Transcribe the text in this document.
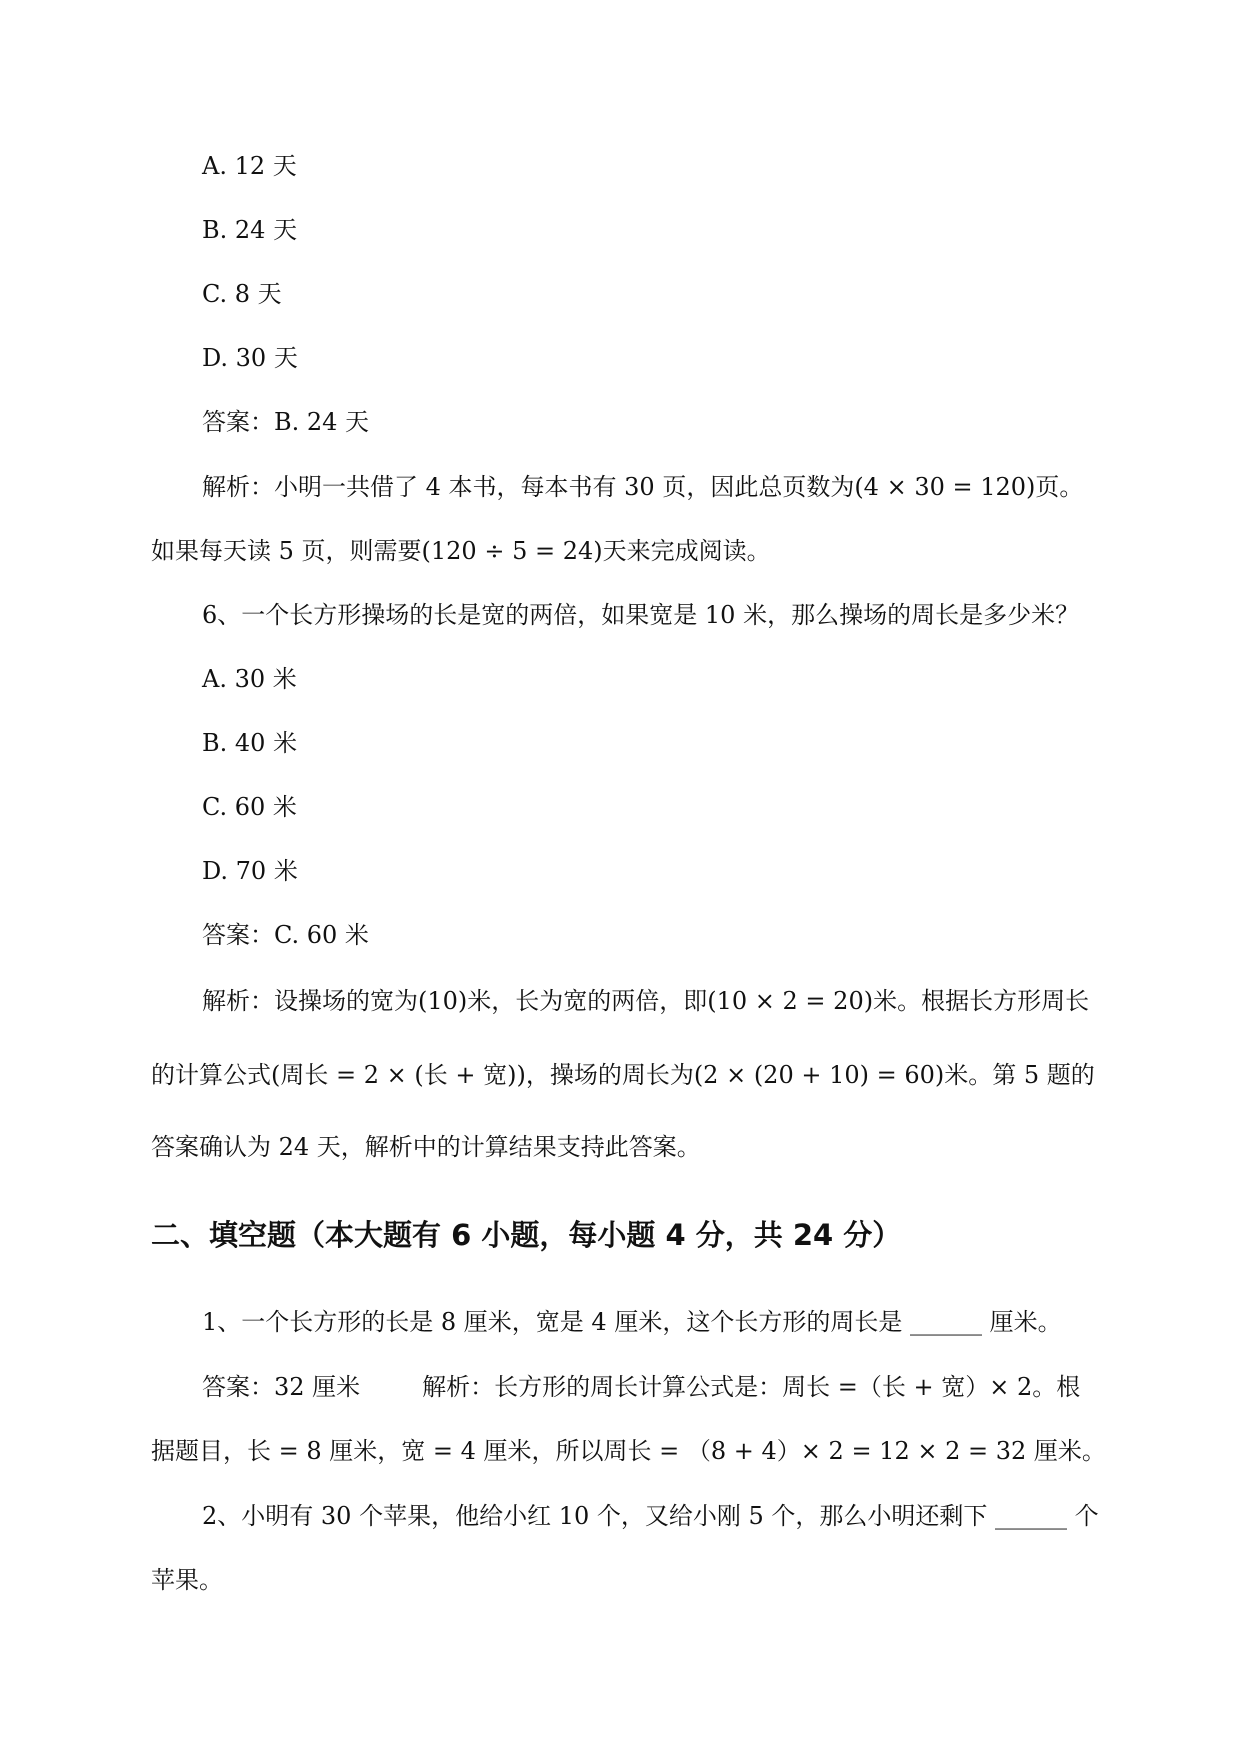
A. 12 天
B. 24 天
C. 8 天
D. 30 天
答案：B. 24 天
解析：小明一共借了 4 本书，每本书有 30 页，因此总页数为(4 × 30 = 120)页。
如果每天读 5 页，则需要(120 ÷ 5 = 24)天来完成阅读。
6、一个长方形操场的长是宽的两倍，如果宽是 10 米，那么操场的周长是多少米？
A. 30 米
B. 40 米
C. 60 米
D. 70 米
答案：C. 60 米
解析：设操场的宽为(10)米，长为宽的两倍，即(10 × 2 = 20)米。根据长方形周长
的计算公式(周长 = 2 × (长 + 宽))，操场的周长为(2 × (20 + 10) = 60)米。第 5 题的
答案确认为 24 天，解析中的计算结果支持此答案。
二、填空题（本大题有 6 小题，每小题 4 分，共 24 分）
1、一个长方形的长是 8 厘米，宽是 4 厘米，这个长方形的周长是 ______ 厘米。
答案：32 厘米	解析：长方形的周长计算公式是：周长 =（长 + 宽）× 2。根
据题目，长 = 8 厘米，宽 = 4 厘米，所以周长 = （8 + 4）× 2 = 12 × 2 = 32 厘米。
2、小明有 30 个苹果，他给小红 10 个，又给小刚 5 个，那么小明还剩下 ______ 个
苹果。
